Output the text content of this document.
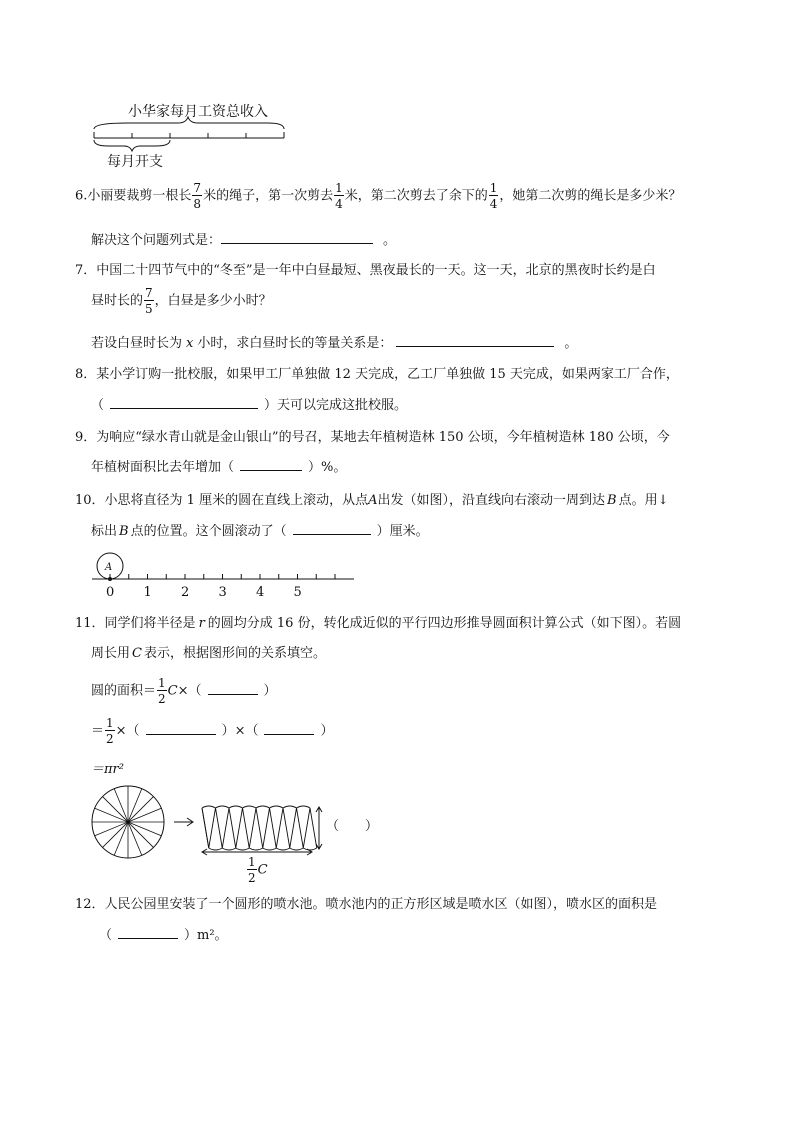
小华家每月工资总收入
每月开支
6.小丽要裁剪一根长 $\frac{7}{8}$ 米的绳子，第一次剪去 $\frac{1}{4}$ 米，第二次剪去了余下的 $\frac{1}{4}$ ，她第二次剪的绳长是多少米？
解决这个问题列式是：	。
7．中国二十四节气中的“冬至”是一年中白昼最短、黑夜最长的一天。这一天，北京的黑夜时长约是白
昼时长的 $\frac{7}{5}$ ，白昼是多少小时？
若设白昼时长为 x 小时，求白昼时长的等量关系是：	。
8．某小学订购一批校服，如果甲工厂单独做 12 天完成，乙工厂单独做 15 天完成，如果两家工厂合作，
（	）天可以完成这批校服。
9．为响应“绿水青山就是金山银山”的号召，某地去年植树造林 150 公顷，今年植树造林 180 公顷，今
年植树面积比去年增加（	）%。
10．小思将直径为 1 厘米的圆在直线上滚动，从点A出发（如图），沿直线向右滚动一周到达 B 点。用↓
标出 B 点的位置。这个圆滚动了（	）厘米。
A
0 1 2 3 4 5
11．同学们将半径是 r 的圆均分成 16 份，转化成近似的平行四边形推导圆面积计算公式（如下图）。若圆
周长用 C 表示，根据图形间的关系填空。
圆的面积＝ $\frac{1}{2} C\times$（	）
＝ $\frac{1}{2}$ ×（	）×（	）
＝πr²
（　　）
$\frac{1}{2}$ C
12．人民公园里安装了一个圆形的喷水池。喷水池内的正方形区域是喷水区（如图），喷水区的面积是
（	）m²。
